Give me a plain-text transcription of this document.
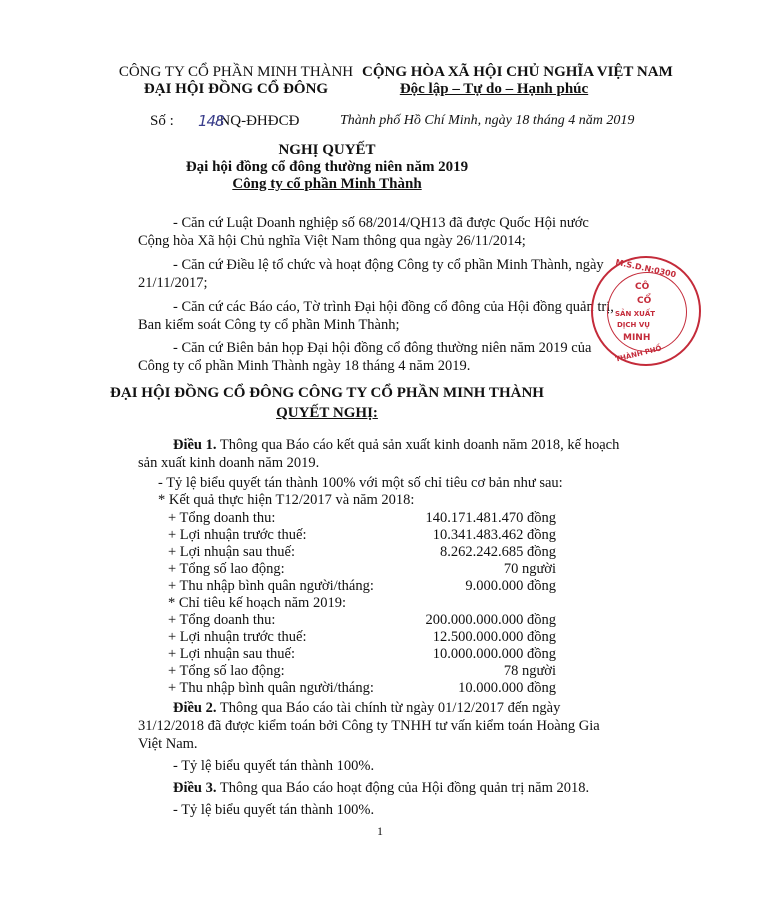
CÔNG TY CỔ PHẦN MINH THÀNH
ĐẠI HỘI ĐỒNG CỔ ĐÔNG
Số :	/NQ-ĐHĐCĐ
148
CỘNG HÒA XÃ HỘI CHỦ NGHĨA VIỆT NAM
Độc lập – Tự do – Hạnh phúc
Thành phố Hồ Chí Minh, ngày 18 tháng 4 năm 2019
NGHỊ QUYẾT
Đại hội đồng cổ đông thường niên năm 2019
Công ty cổ phần Minh Thành
- Căn cứ Luật Doanh nghiệp số 68/2014/QH13 đã được Quốc Hội nước
Cộng hòa Xã hội Chủ nghĩa Việt Nam thông qua ngày 26/11/2014;
- Căn cứ Điều lệ tổ chức và hoạt động Công ty cổ phần Minh Thành, ngày
21/11/2017;
- Căn cứ các Báo cáo, Tờ trình Đại hội đồng cổ đông của Hội đồng quản trị,
Ban kiểm soát Công ty cổ phần Minh Thành;
- Căn cứ Biên bản họp Đại hội đồng cổ đông thường niên năm 2019 của
Công ty cổ phần Minh Thành ngày 18 tháng 4 năm 2019.
M.S.D.N:0300
CÔ
CỔ
SẢN XUẤT
DỊCH VỤ
MINH
THÀNH PHỐ
ĐẠI HỘI ĐỒNG CỔ ĐÔNG CÔNG TY CỔ PHẦN MINH THÀNH
QUYẾT NGHỊ:
Điều 1. Thông qua Báo cáo kết quả sản xuất kinh doanh năm 2018, kế hoạch
sản xuất kinh doanh năm 2019.
- Tỷ lệ biểu quyết tán thành 100% với một số chỉ tiêu cơ bản như sau:
* Kết quả thực hiện T12/2017 và năm 2018:
+ Tổng doanh thu:	140.171.481.470 đồng
+ Lợi nhuận trước thuế:	10.341.483.462 đồng
+ Lợi nhuận sau thuế:	8.262.242.685 đồng
+ Tổng số lao động:	70 người
+ Thu nhập bình quân người/tháng:	9.000.000 đồng
* Chỉ tiêu kế hoạch năm 2019:
+ Tổng doanh thu:	200.000.000.000 đồng
+ Lợi nhuận trước thuế:	12.500.000.000 đồng
+ Lợi nhuận sau thuế:	10.000.000.000 đồng
+ Tổng số lao động:	78 người
+ Thu nhập bình quân người/tháng:	10.000.000 đồng
Điều 2. Thông qua Báo cáo tài chính từ ngày 01/12/2017 đến ngày
31/12/2018 đã được kiểm toán bởi Công ty TNHH tư vấn kiểm toán Hoàng Gia
Việt Nam.
- Tỷ lệ biểu quyết tán thành 100%.
Điều 3. Thông qua Báo cáo hoạt động của Hội đồng quản trị năm 2018.
- Tỷ lệ biểu quyết tán thành 100%.
1
